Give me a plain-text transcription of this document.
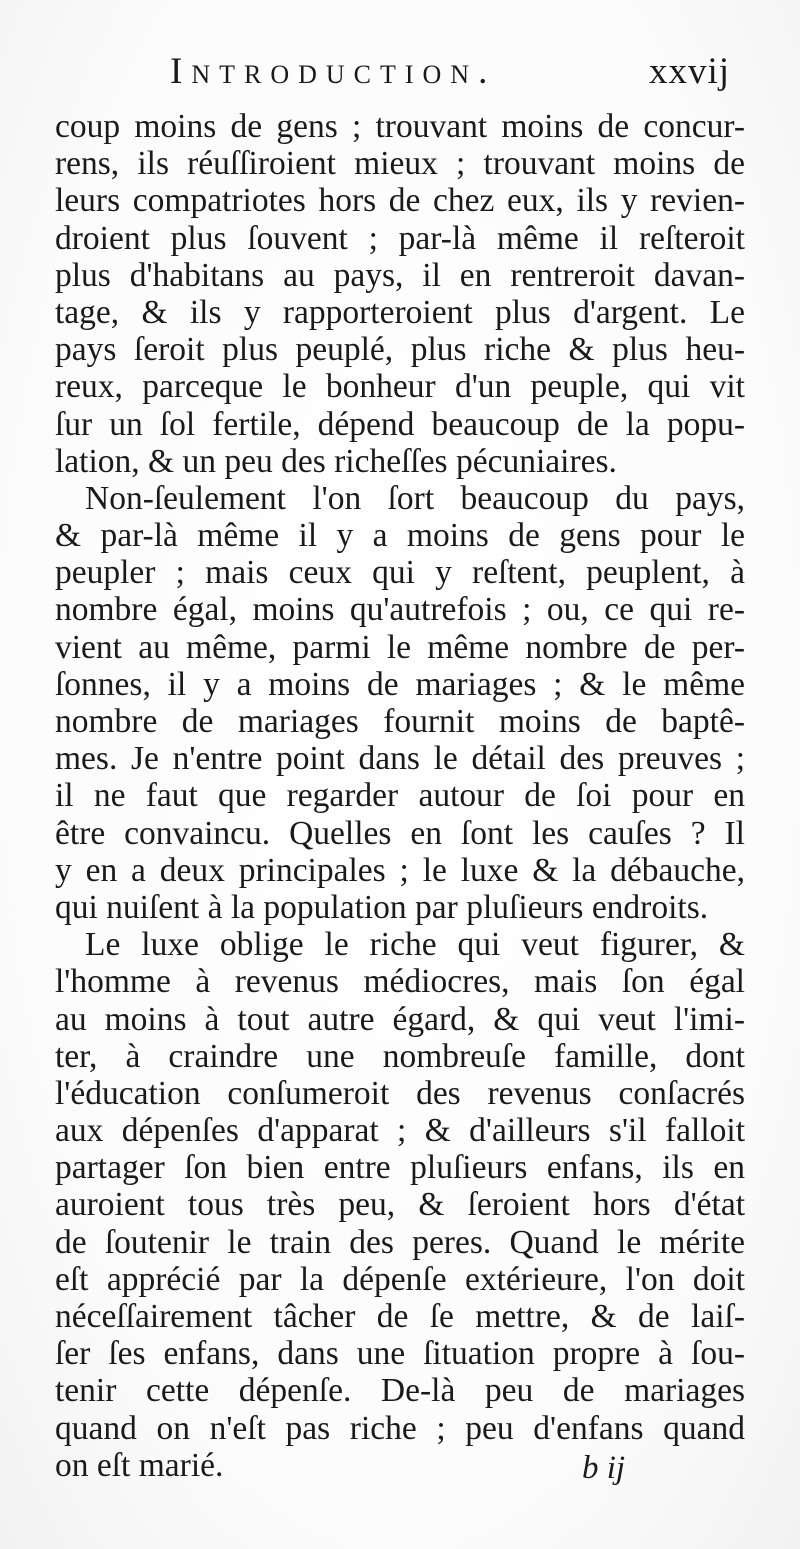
Introduction.	xxvij
coup moins de gens ; trouvant moins de concur-
rens, ils réuſſiroient mieux ; trouvant moins de
leurs compatriotes hors de chez eux, ils y revien-
droient plus ſouvent ; par-là même il reſteroit
plus d'habitans au pays, il en rentreroit davan-
tage, & ils y rapporteroient plus d'argent. Le
pays ſeroit plus peuplé, plus riche & plus heu-
reux, parceque le bonheur d'un peuple, qui vit
ſur un ſol fertile, dépend beaucoup de la popu-
lation, & un peu des richeſſes pécuniaires.
Non-ſeulement l'on ſort beaucoup du pays,
& par-là même il y a moins de gens pour le
peupler ; mais ceux qui y reſtent, peuplent, à
nombre égal, moins qu'autrefois ; ou, ce qui re-
vient au même, parmi le même nombre de per-
ſonnes, il y a moins de mariages ; & le même
nombre de mariages fournit moins de baptê-
mes. Je n'entre point dans le détail des preuves ;
il ne faut que regarder autour de ſoi pour en
être convaincu. Quelles en ſont les cauſes ? Il
y en a deux principales ; le luxe & la débauche,
qui nuiſent à la population par pluſieurs endroits.
Le luxe oblige le riche qui veut figurer, &
l'homme à revenus médiocres, mais ſon égal
au moins à tout autre égard, & qui veut l'imi-
ter, à craindre une nombreuſe famille, dont
l'éducation conſumeroit des revenus conſacrés
aux dépenſes d'apparat ; & d'ailleurs s'il falloit
partager ſon bien entre pluſieurs enfans, ils en
auroient tous très peu, & ſeroient hors d'état
de ſoutenir le train des peres. Quand le mérite
eſt apprécié par la dépenſe extérieure, l'on doit
néceſſairement tâcher de ſe mettre, & de laiſ-
ſer ſes enfans, dans une ſituation propre à ſou-
tenir cette dépenſe. De-là peu de mariages
quand on n'eſt pas riche ; peu d'enfans quand
on eſt marié.	b ij
